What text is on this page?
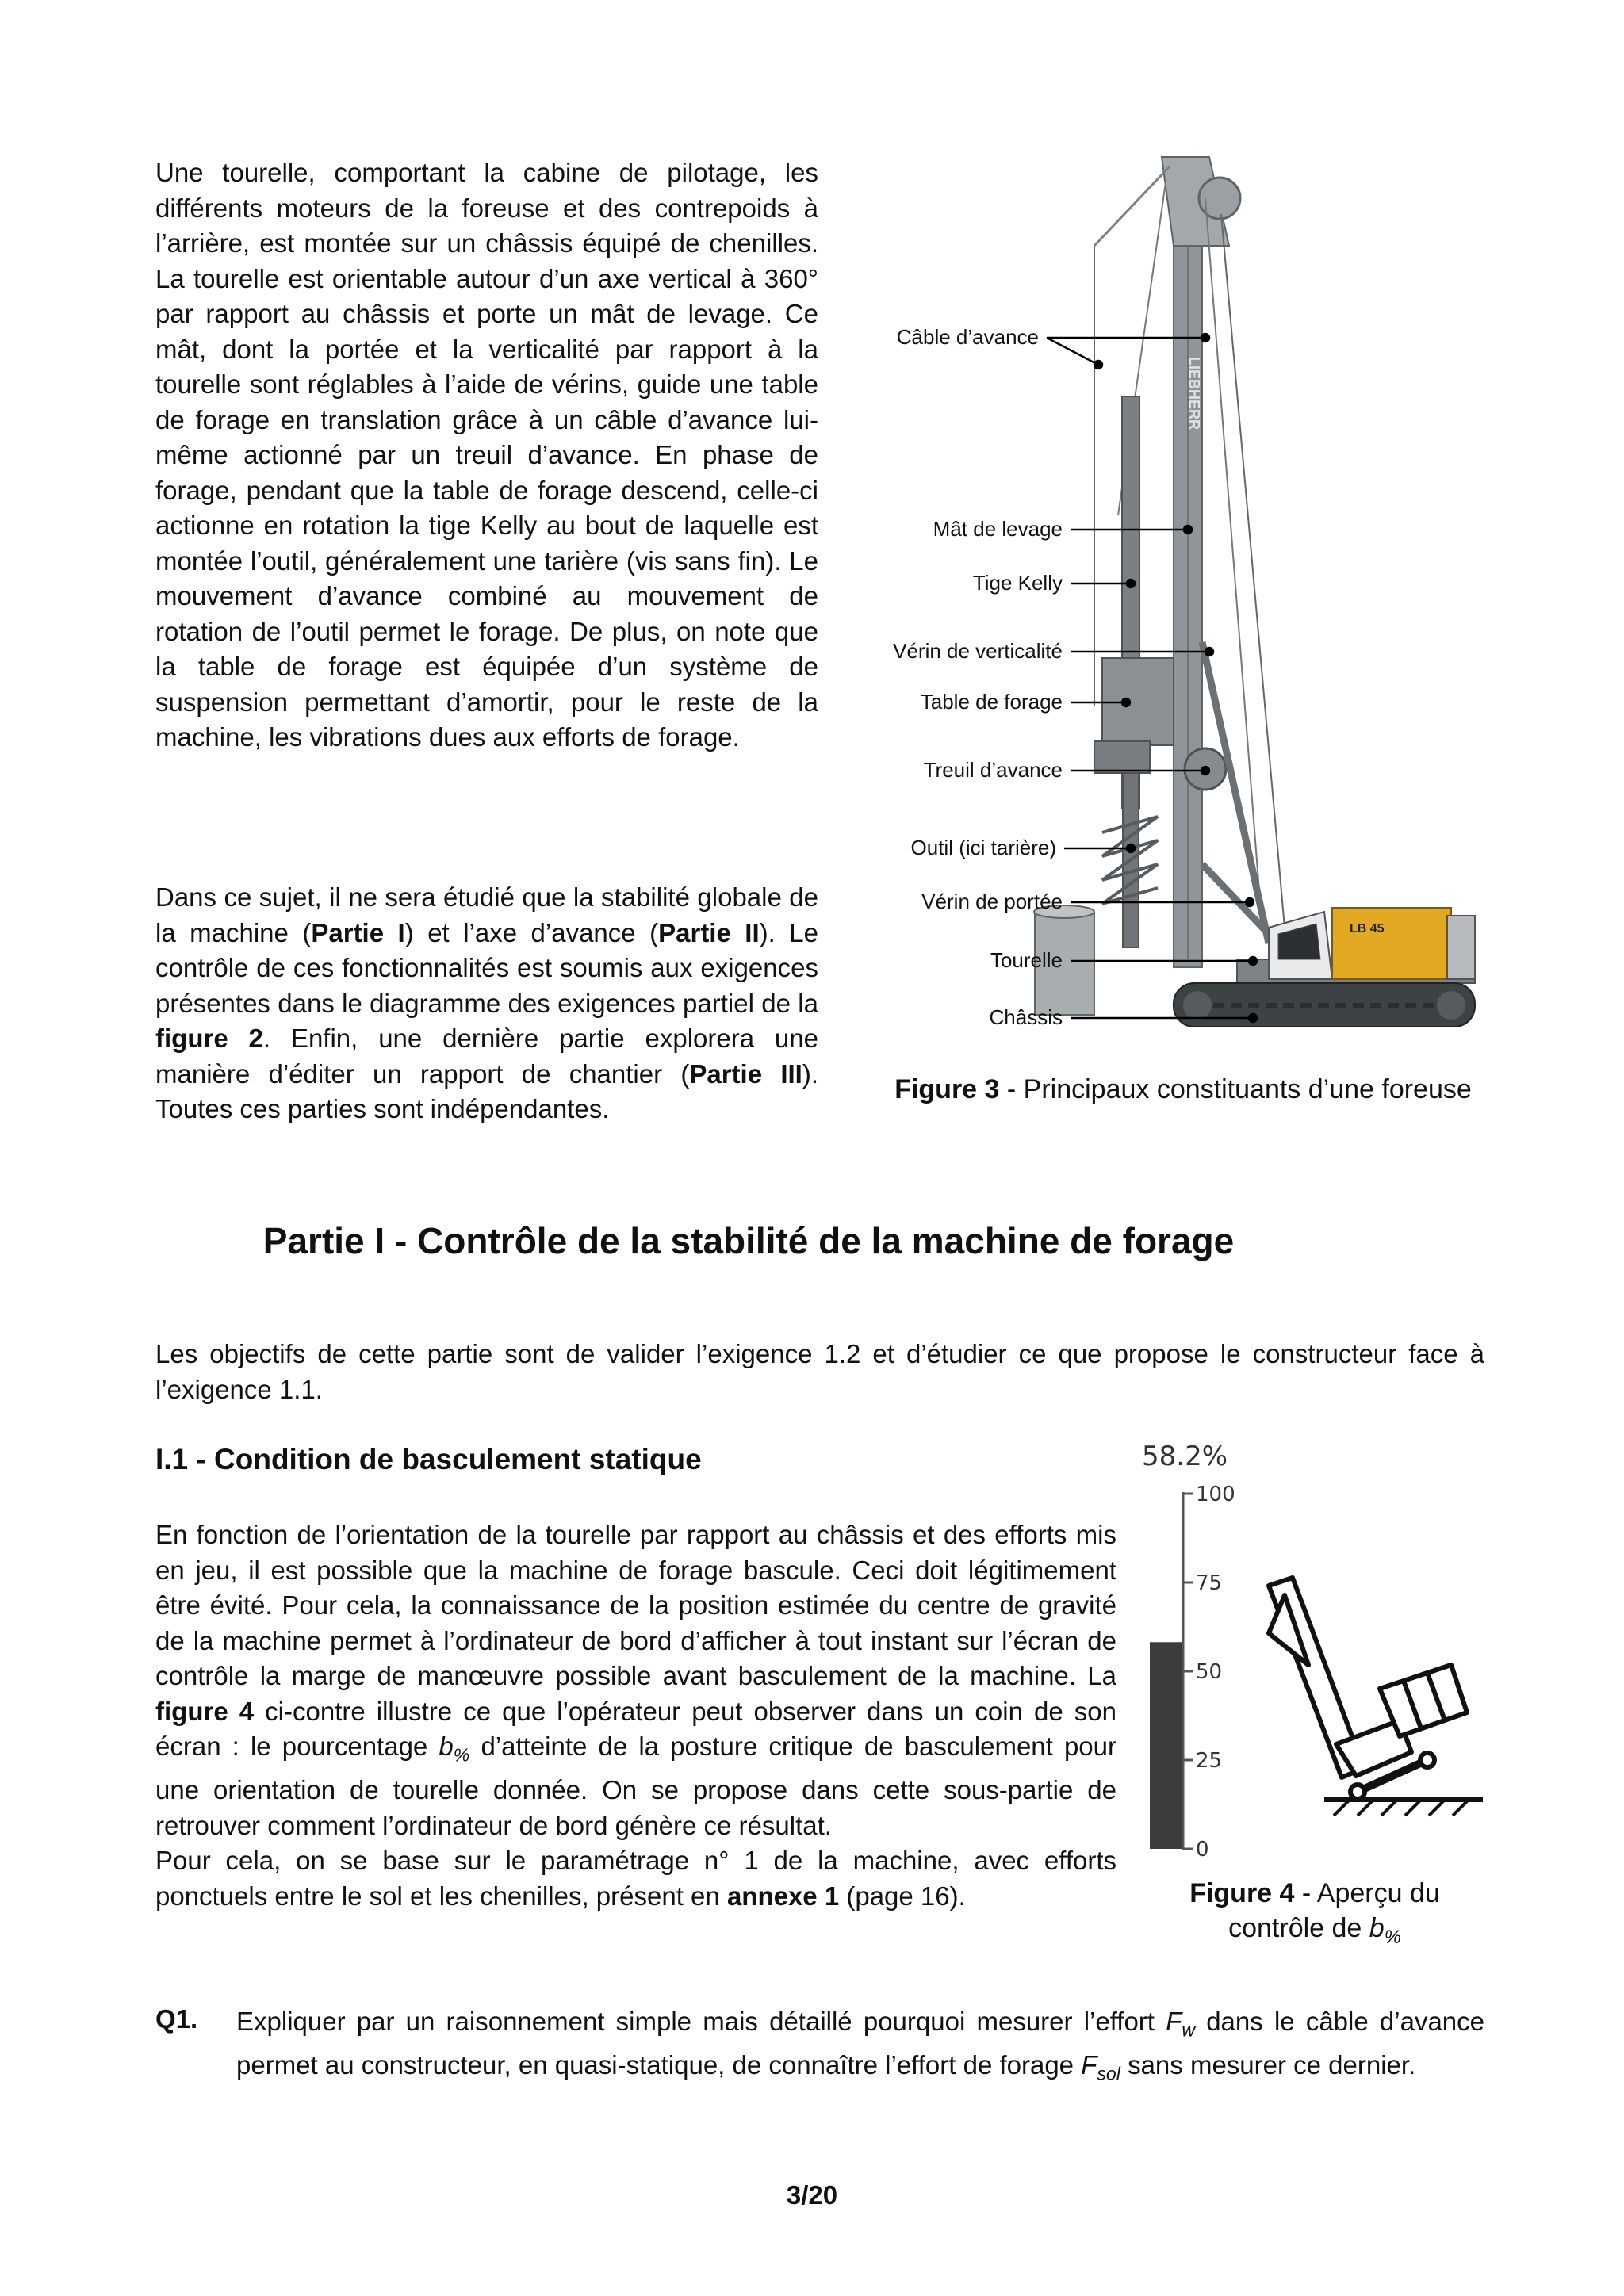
Une tourelle, comportant la cabine de pilotage, les différents moteurs de la foreuse et des contrepoids à l’arrière, est montée sur un châssis équipé de chenilles. La tourelle est orientable autour d’un axe vertical à 360° par rapport au châssis et porte un mât de levage. Ce mât, dont la portée et la verticalité par rapport à la tourelle sont réglables à l’aide de vérins, guide une table de forage en translation grâce à un câble d’avance lui-même actionné par un treuil d’avance. En phase de forage, pendant que la table de forage descend, celle-ci actionne en rotation la tige Kelly au bout de laquelle est montée l’outil, généralement une tarière (vis sans fin). Le mouvement d’avance combiné au mouvement de rotation de l’outil permet le forage. De plus, on note que la table de forage est équipée d’un système de suspension permettant d’amortir, pour le reste de la machine, les vibrations dues aux efforts de forage.

Dans ce sujet, il ne sera étudié que la stabilité globale de la machine (Partie I) et l’axe d’avance (Partie II). Le contrôle de ces fonctionnalités est soumis aux exigences présentes dans le diagramme des exigences partiel de la figure 2. Enfin, une dernière partie explorera une manière d’éditer un rapport de chantier (Partie III). Toutes ces parties sont indépendantes.

LIEBHERR
LB 45
Câble d’avance
Mât de levage
Tige Kelly
Vérin de verticalité
Table de forage
Treuil d’avance
Outil (ici tarière)
Vérin de portée
Tourelle
Châssis
Figure 3 - Principaux constituants d’une foreuse
Partie I - Contrôle de la stabilité de la machine de forage

Les objectifs de cette partie sont de valider l’exigence 1.2 et d’étudier ce que propose le constructeur face à l’exigence 1.1.

I.1 - Condition de basculement statique

En fonction de l’orientation de la tourelle par rapport au châssis et des efforts mis en jeu, il est possible que la machine de forage bascule. Ceci doit légitimement être évité. Pour cela, la connaissance de la position estimée du centre de gravité de la machine permet à l’ordinateur de bord d’afficher à tout instant sur l’écran de contrôle la marge de manœuvre possible avant basculement de la machine. La figure 4 ci-contre illustre ce que l’opérateur peut observer dans un coin de son écran : le pourcentage $b_{\%}$ d’atteinte de la posture critique de basculement pour une orientation de tourelle donnée. On se propose dans cette sous-partie de retrouver comment l’ordinateur de bord génère ce résultat.

Pour cela, on se base sur le paramétrage n° 1 de la machine, avec efforts ponctuels entre le sol et les chenilles, présent en annexe 1 (page 16).

58.2%
100
75
50
25
0
Figure 4 - Aperçu du contrôle de $b_{\%}$
Q1. Expliquer par un raisonnement simple mais détaillé pourquoi mesurer l’effort $F_w$ dans le câble d’avance permet au constructeur, en quasi-statique, de connaître l’effort de forage $F_{sol}$ sans mesurer ce dernier.
3/20
